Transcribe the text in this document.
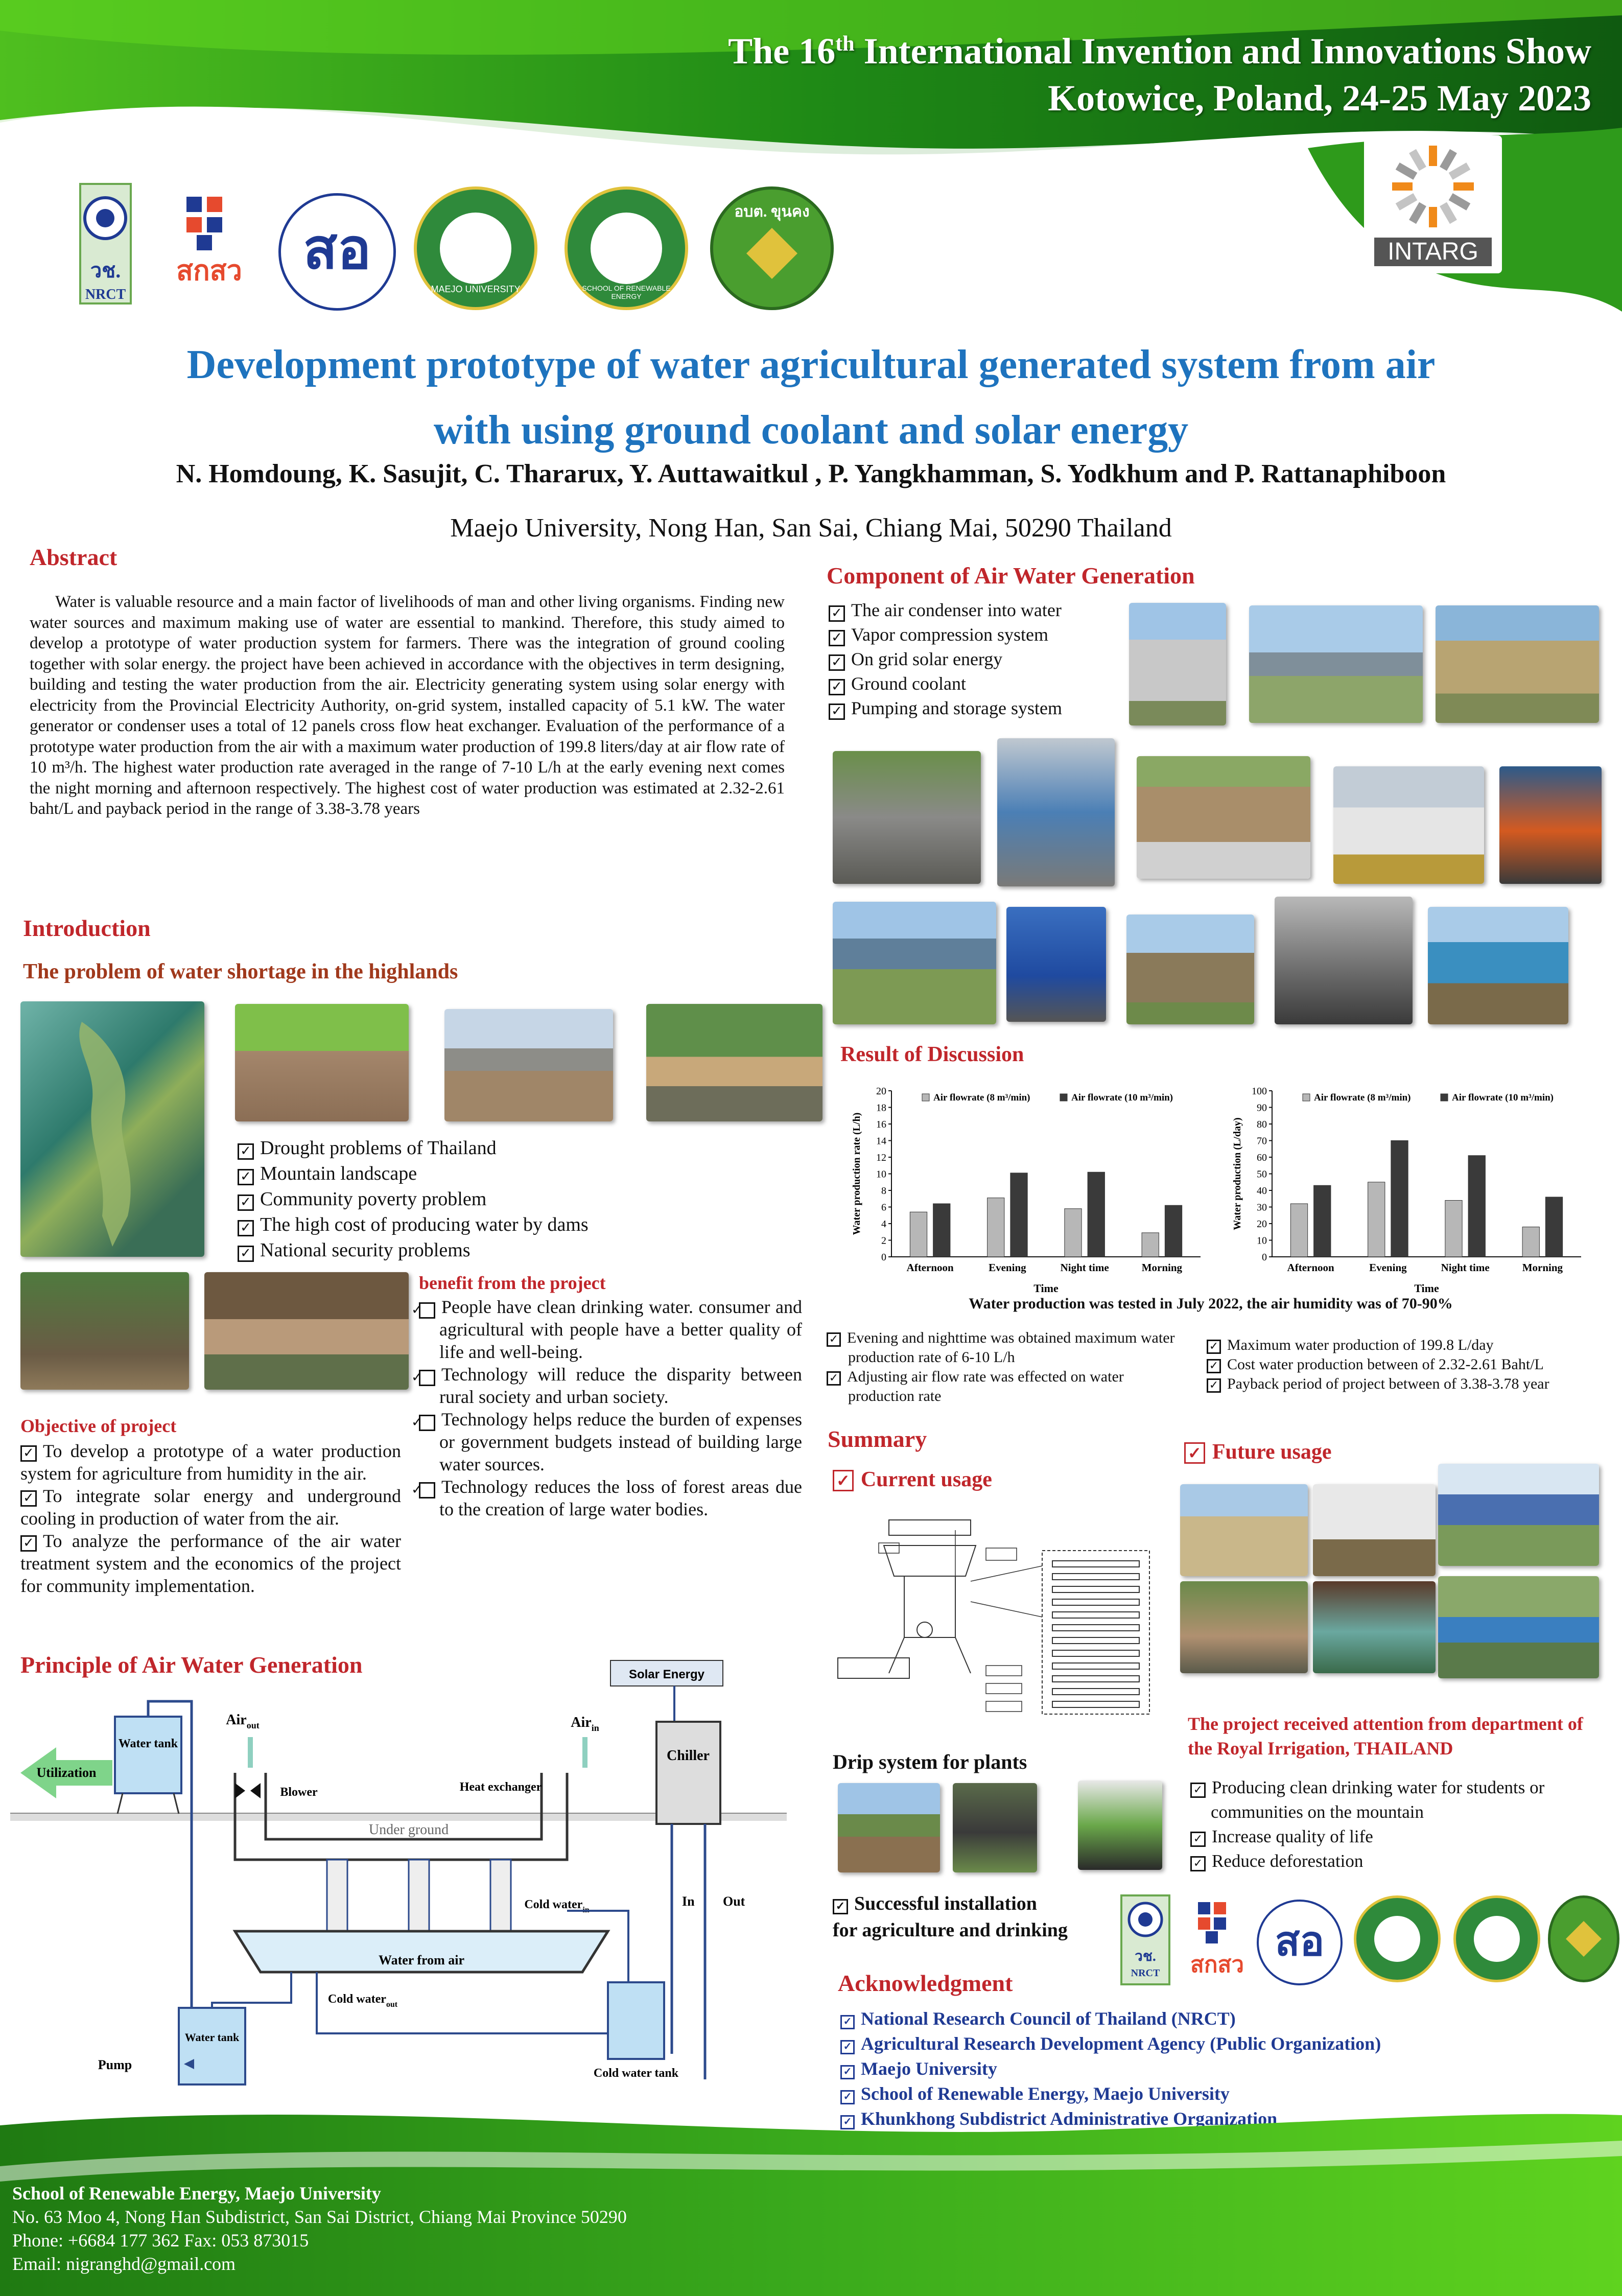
The 16th International Invention and Innovations Show
Kotowice, Poland, 24-25 May 2023
INTARG
วช.
NRCT
สกสว	สอ
MAEJO UNIVERSITY	SCHOOL OF RENEWABLE ENERGY
อบต. ขุนคง
Development prototype of water agricultural generated system from air
with using ground coolant and solar energy
N. Homdoung, K. Sasujit, C. Thararux, Y. Auttawaitkul , P. Yangkhamman, S. Yodkhum and P. Rattanaphiboon
Maejo University, Nong Han, San Sai, Chiang Mai, 50290 Thailand
Abstract
Water is valuable resource and a main factor of livelihoods of man and other living organisms. Finding new water sources and maximum making use of water are essential to mankind. Therefore, this study aimed to develop a prototype of water production system for farmers. There was the integration of ground cooling together with solar energy. the project have been achieved in accordance with the objectives in term designing, building and testing the water production from the air. Electricity generating system using solar energy with electricity from the Provincial Electricity Authority, on-grid system, installed capacity of 5.1 kW. The water generator or condenser uses a total of 12 panels cross flow heat exchanger. Evaluation of the performance of a prototype water production from the air with a maximum water production of 199.8 liters/day at air flow rate of 10 m³/h. The highest water production rate averaged in the range of 7-10 L/h at the early evening next comes the night morning and afternoon respectively. The highest cost of water production was estimated at 2.32-2.61 baht/L and payback period in the range of 3.38-3.78 years
Introduction
The problem of water shortage in the highlands
✓ Drought problems of Thailand
✓ Mountain landscape
✓ Community poverty problem
✓ The high cost of producing water by dams
✓ National security problems
benefit from the project
✓ People have clean drinking water. consumer and agricultural with people have a better quality of life and well-being.
✓ Technology will reduce the disparity between rural society and urban society.
✓ Technology helps reduce the burden of expenses or government budgets instead of building large water sources.
✓ Technology reduces the loss of forest areas due to the creation of large water bodies.
Objective of project
✓ To develop a prototype of a water production system for agriculture from humidity in the air.
✓ To integrate solar energy and underground cooling in production of water from the air.
✓ To analyze the performance of the air water treatment system and the economics of the project for community implementation.
Principle of Air Water Generation	Solar Energy
Chiller
Utilization
Water tank
Under ground
Blower
Air$_{out}$	Air$_{in}$
Heat exchanger
Water from air
Cold water$_{in}$
Cold water$_{out}$
In Out
Cold water tank
Water tank
Pump
Component of Air Water Generation
✓ The air condenser into water
✓ Vapor compression system
✓ On grid solar energy
✓ Ground coolant
✓ Pumping and storage system
Result of Discussion
0
2
4
6
8
10
12
14
16
18
20
Water production rate (L/h)
Time
Afternoon	Evening	Night time	Morning
Air flowrate (8 m³/min)	Air flowrate (10 m³/min)
0
10
20
30
40
50
60
70
80
90
100
Water production (L/day)
Time
Afternoon	Evening	Night time	Morning
Air flowrate (8 m³/min)	Air flowrate (10 m³/min)
Water production was tested in July 2022, the air humidity was of 70-90%
✓ Evening and nighttime was obtained maximum water production rate of 6-10 L/h
✓ Adjusting air flow rate was effected on water production rate
✓ Maximum water production of 199.8 L/day
✓ Cost water production between of 2.32-2.61 Baht/L
✓ Payback period of project between of 3.38-3.78 year
Summary
✓ Current usage
✓ Future usage
The project received attention from department of the Royal Irrigation, THAILAND
✓ Producing clean drinking water for students or communities on the mountain
✓ Increase quality of life
✓ Reduce deforestation
Drip system for plants
✓ Successful installation
for agriculture and drinking
วช.
NRCT	สกสว
สอ
Acknowledgment
✓ National Research Council of Thailand (NRCT)
✓ Agricultural Research Development Agency (Public Organization)
✓ Maejo University
✓ School of Renewable Energy, Maejo University
✓ Khunkhong Subdistrict Administrative Organization
School of Renewable Energy, Maejo University
No. 63 Moo 4, Nong Han Subdistrict, San Sai District, Chiang Mai Province 50290
Phone: +6684 177 362 Fax: 053 873015
Email: nigranghd@gmail.com
